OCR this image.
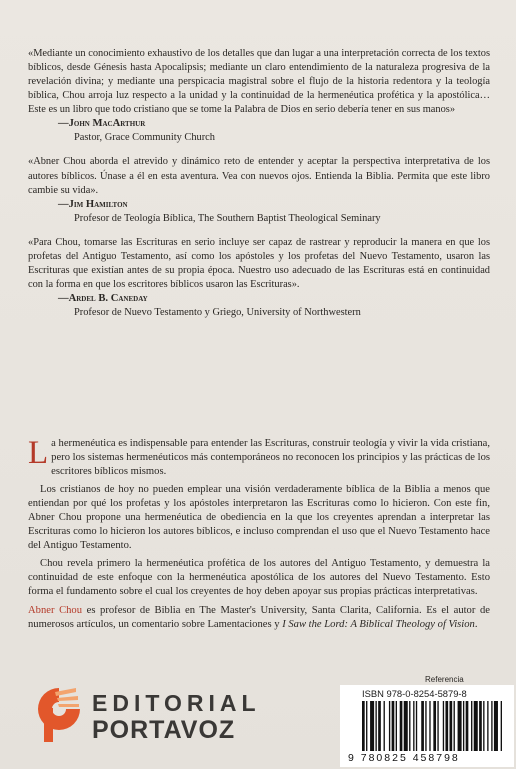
«Mediante un conocimiento exhaustivo de los detalles que dan lugar a una interpretación correcta de los textos bíblicos, desde Génesis hasta Apocalipsis; mediante un claro entendimiento de la naturaleza progresiva de la revelación divina; y mediante una perspicacia magistral sobre el flujo de la historia redentora y la teología bíblica, Chou arroja luz respecto a la unidad y la continuidad de la hermenéutica profética y la apostólica… Este es un libro que todo cristiano que se tome la Palabra de Dios en serio debería tener en sus manos»

—John MacArthur
Pastor, Grace Community Church

«Abner Chou aborda el atrevido y dinámico reto de entender y aceptar la perspectiva interpretativa de los autores bíblicos. Únase a él en esta aventura. Vea con nuevos ojos. Entienda la Biblia. Permita que este libro cambie su vida».

—Jim Hamilton
Profesor de Teología Bíblica, The Southern Baptist Theological Seminary

«Para Chou, tomarse las Escrituras en serio incluye ser capaz de rastrear y reproducir la manera en que los profetas del Antiguo Testamento, así como los apóstoles y los profetas del Nuevo Testamento, usaron las Escrituras que existían antes de su propia época. Nuestro uso adecuado de las Escrituras está en continuidad con la forma en que los escritores bíblicos usaron las Escrituras».

—Ardel B. Caneday
Profesor de Nuevo Testamento y Griego, University of Northwestern

La hermenéutica es indispensable para entender las Escrituras, construir teología y vivir la vida cristiana, pero los sistemas hermenéuticos más contemporáneos no reconocen los principios y las prácticas de los escritores bíblicos mismos.

Los cristianos de hoy no pueden emplear una visión verdaderamente bíblica de la Biblia a menos que entiendan por qué los profetas y los apóstoles interpretaron las Escrituras como lo hicieron. Con este fin, Abner Chou propone una hermenéutica de obediencia en la que los creyentes aprendan a interpretar las Escrituras como lo hicieron los autores bíblicos, e incluso comprendan el uso que el Nuevo Testamento hace del Antiguo Testamento.

Chou revela primero la hermenéutica profética de los autores del Antiguo Testamento, y demuestra la continuidad de este enfoque con la hermenéutica apostólica de los autores del Nuevo Testamento. Esto forma el fundamento sobre el cual los creyentes de hoy deben apoyar sus propias prácticas interpretativas.

Abner Chou es profesor de Biblia en The Master's University, Santa Clarita, California. Es el autor de numerosos artículos, un comentario sobre Lamentaciones y I Saw the Lord: A Biblical Theology of Vision.

EDITORIAL
PORTAVOZ
Referencia
ISBN 978-0-8254-5879-8
9 780825 458798
